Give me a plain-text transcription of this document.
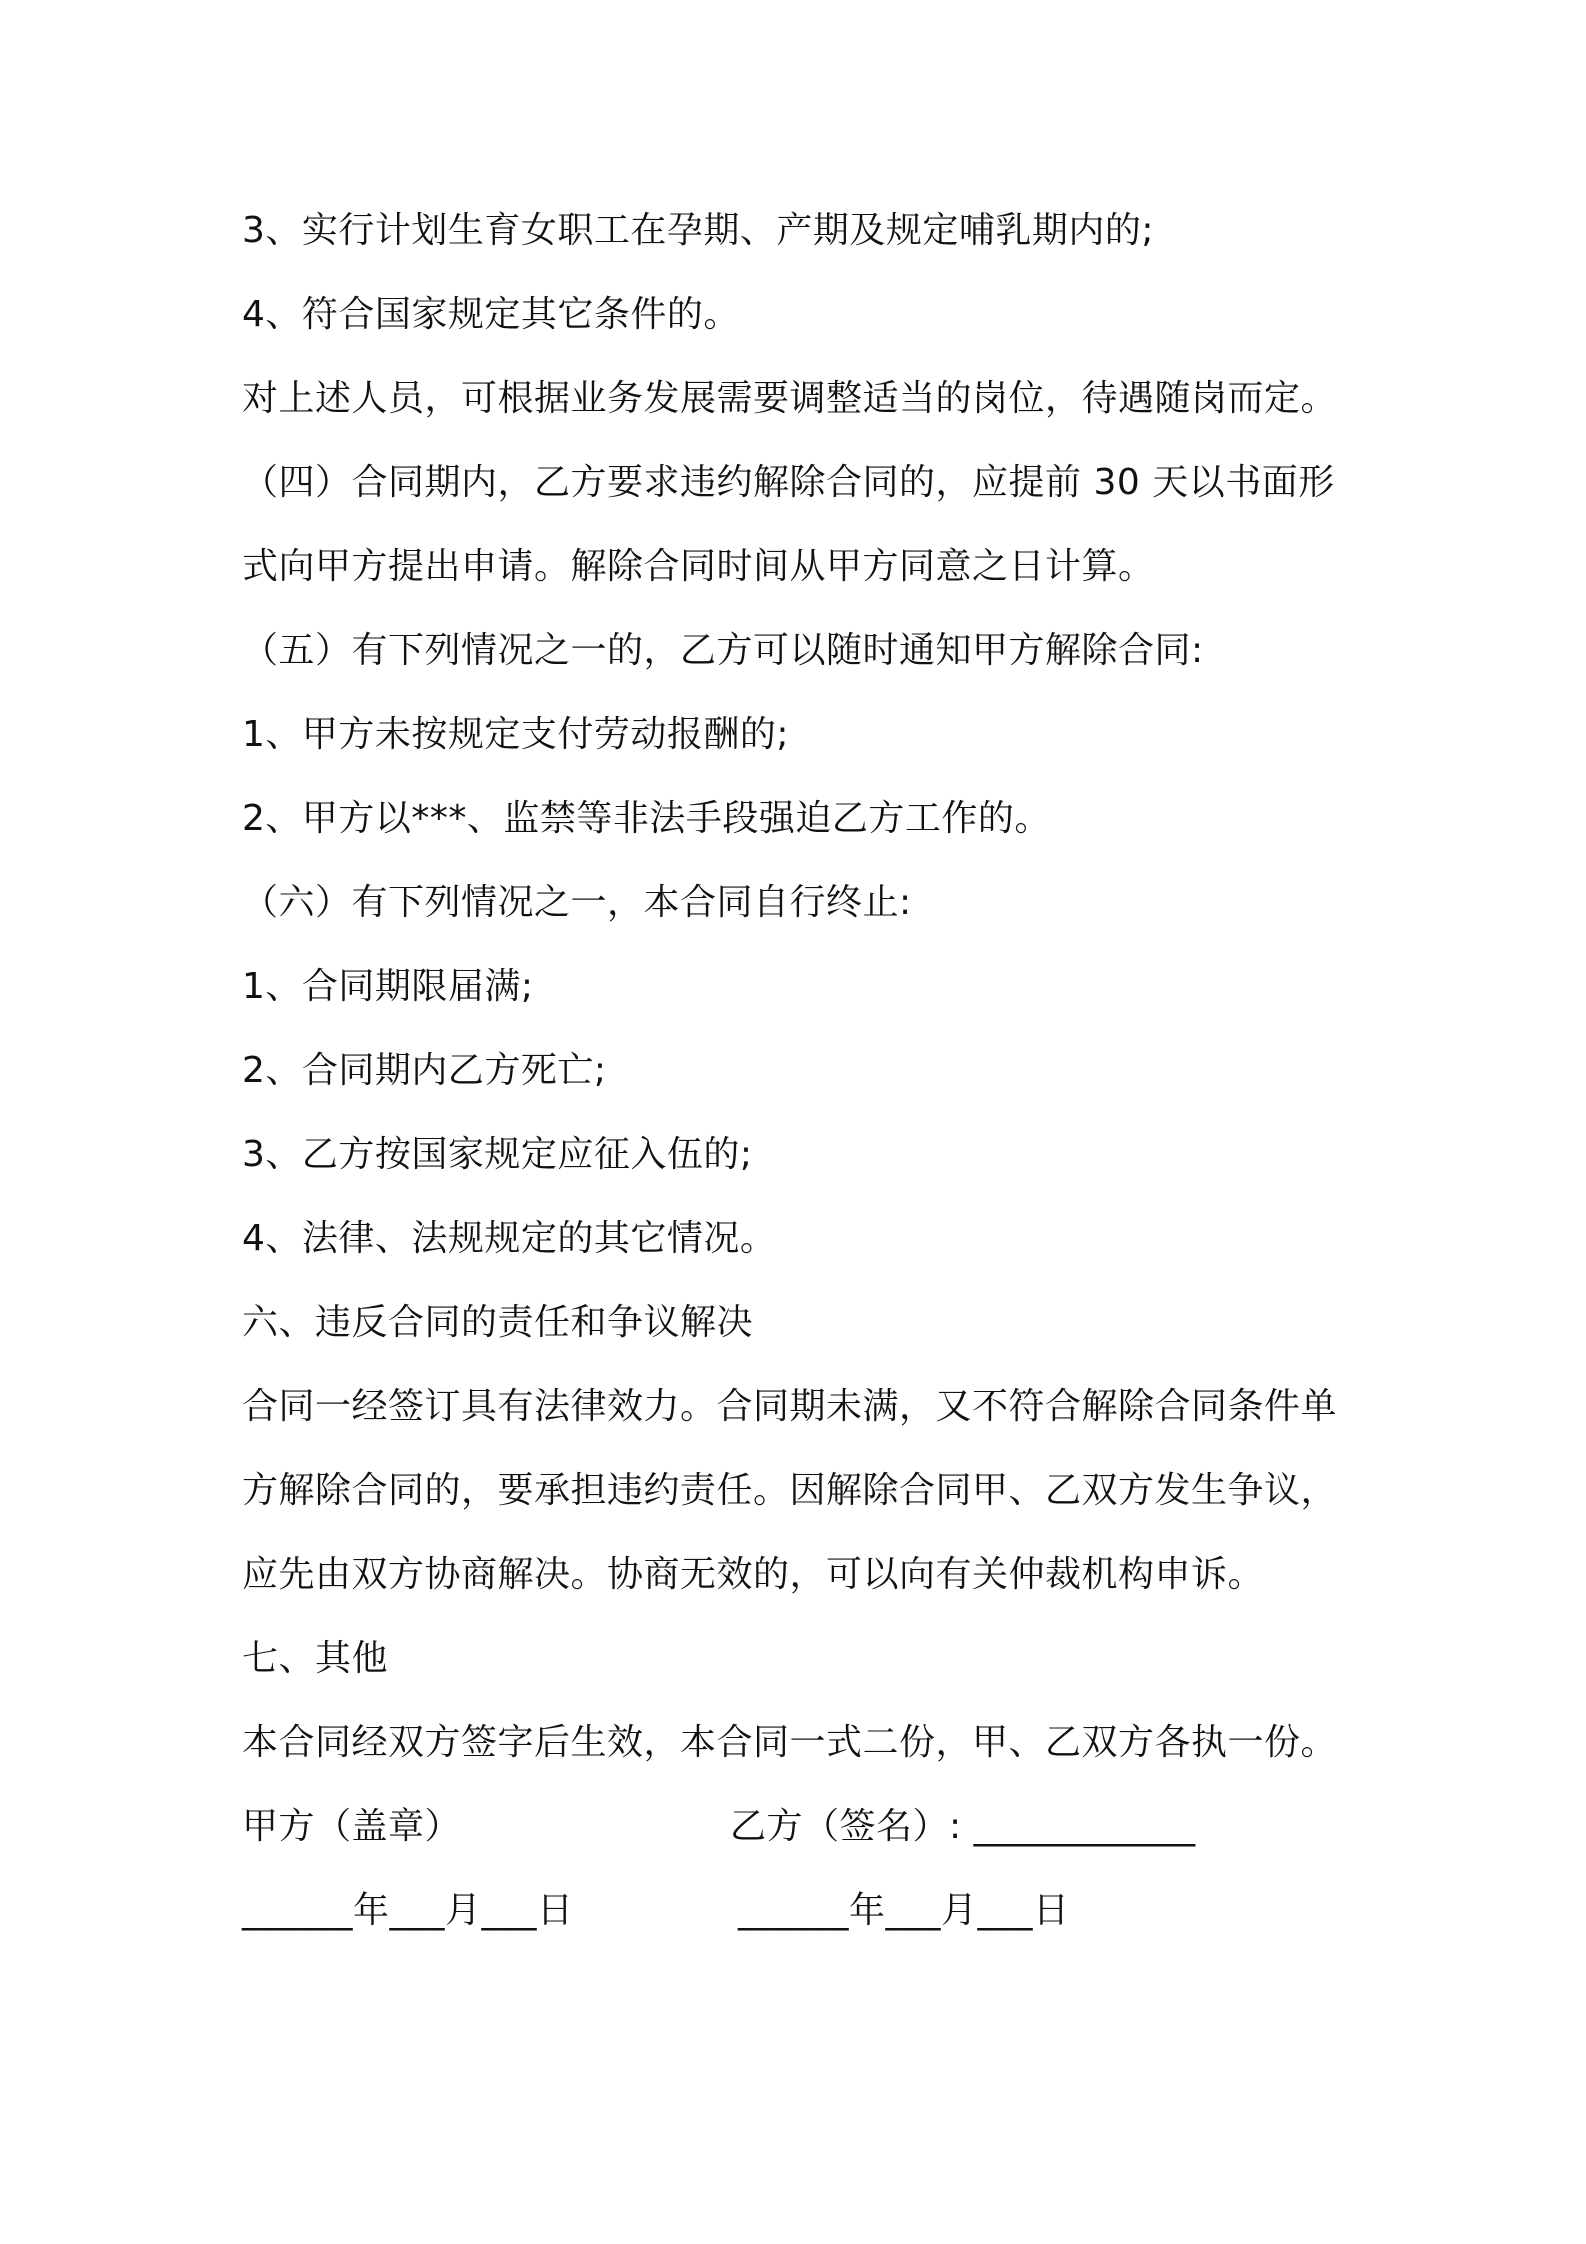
3、实行计划生育女职工在孕期、产期及规定哺乳期内的;
4、符合国家规定其它条件的。
对上述人员，可根据业务发展需要调整适当的岗位，待遇随岗而定。
（四）合同期内，乙方要求违约解除合同的，应提前 30 天以书面形
式向甲方提出申请。解除合同时间从甲方同意之日计算。
（五）有下列情况之一的，乙方可以随时通知甲方解除合同:
1、甲方未按规定支付劳动报酬的;
2、甲方以***、监禁等非法手段强迫乙方工作的。
（六）有下列情况之一，本合同自行终止:
1、合同期限届满;
2、合同期内乙方死亡;
3、乙方按国家规定应征入伍的;
4、法律、法规规定的其它情况。
六、违反合同的责任和争议解决
合同一经签订具有法律效力。合同期未满，又不符合解除合同条件单
方解除合同的，要承担违约责任。因解除合同甲、乙双方发生争议，
应先由双方协商解决。协商无效的，可以向有关仲裁机构申诉。
七、其他
本合同经双方签字后生效，本合同一式二份，甲、乙双方各执一份。
甲方（盖章）	乙方（签名）: ____________
______年___月___日	______年___月___日
